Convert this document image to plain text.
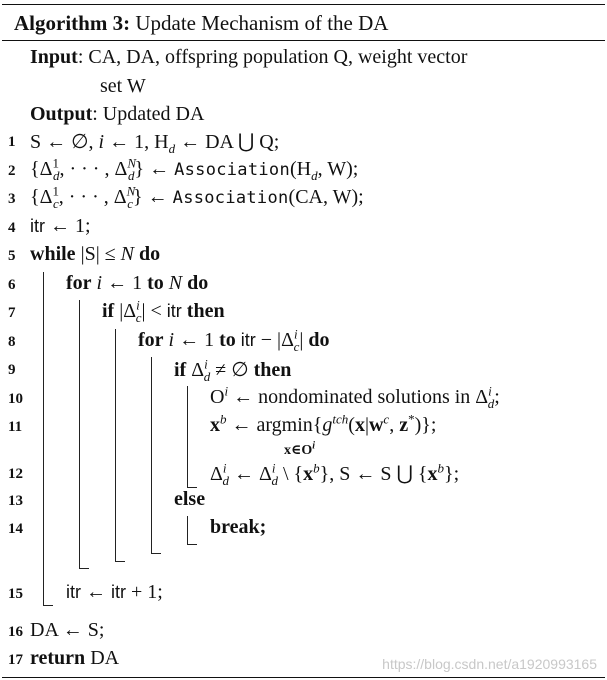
Algorithm 3: Update Mechanism of the DA
Input: CA, DA, offspring population Q, weight vector
set W
Output: Updated DA
1
2
3
4
5
6
7
8
9
10
11
12
13
14
15
16
17
S ← ∅, i ← 1, $H_d$ ← DA ⋃ Q;
{$\Delta^1_d$, · · · , $\Delta^N_d$} ← $Association(H_d$, W);
{$\Delta^1_c$, · · · , $\Delta^N_c$} ← Association(CA, W);
itr ← 1;
while |S| ≤ N do
for i ← 1 to N do
if $|\Delta^i_c|$ < itr then
for i ← 1 to itr − $|\Delta^i_c|$ do
if $\Delta^i_d$ ≠ ∅ then
$O^i$ ← nondominated solutions in $\Delta^i_d$;
$x^b$ ← $argmin\{g^{tch}(x|w^c$, z*)};
$x\in O^i$
$\Delta^i_d$ ← $\Delta^i_d$ \ $\{x^b\}$, S ← S ⋃ $\{x^b\}$;
else
break;
itr ← itr + 1;
DA ← S;
return DA	https://blog.csdn.net/a1920993165
